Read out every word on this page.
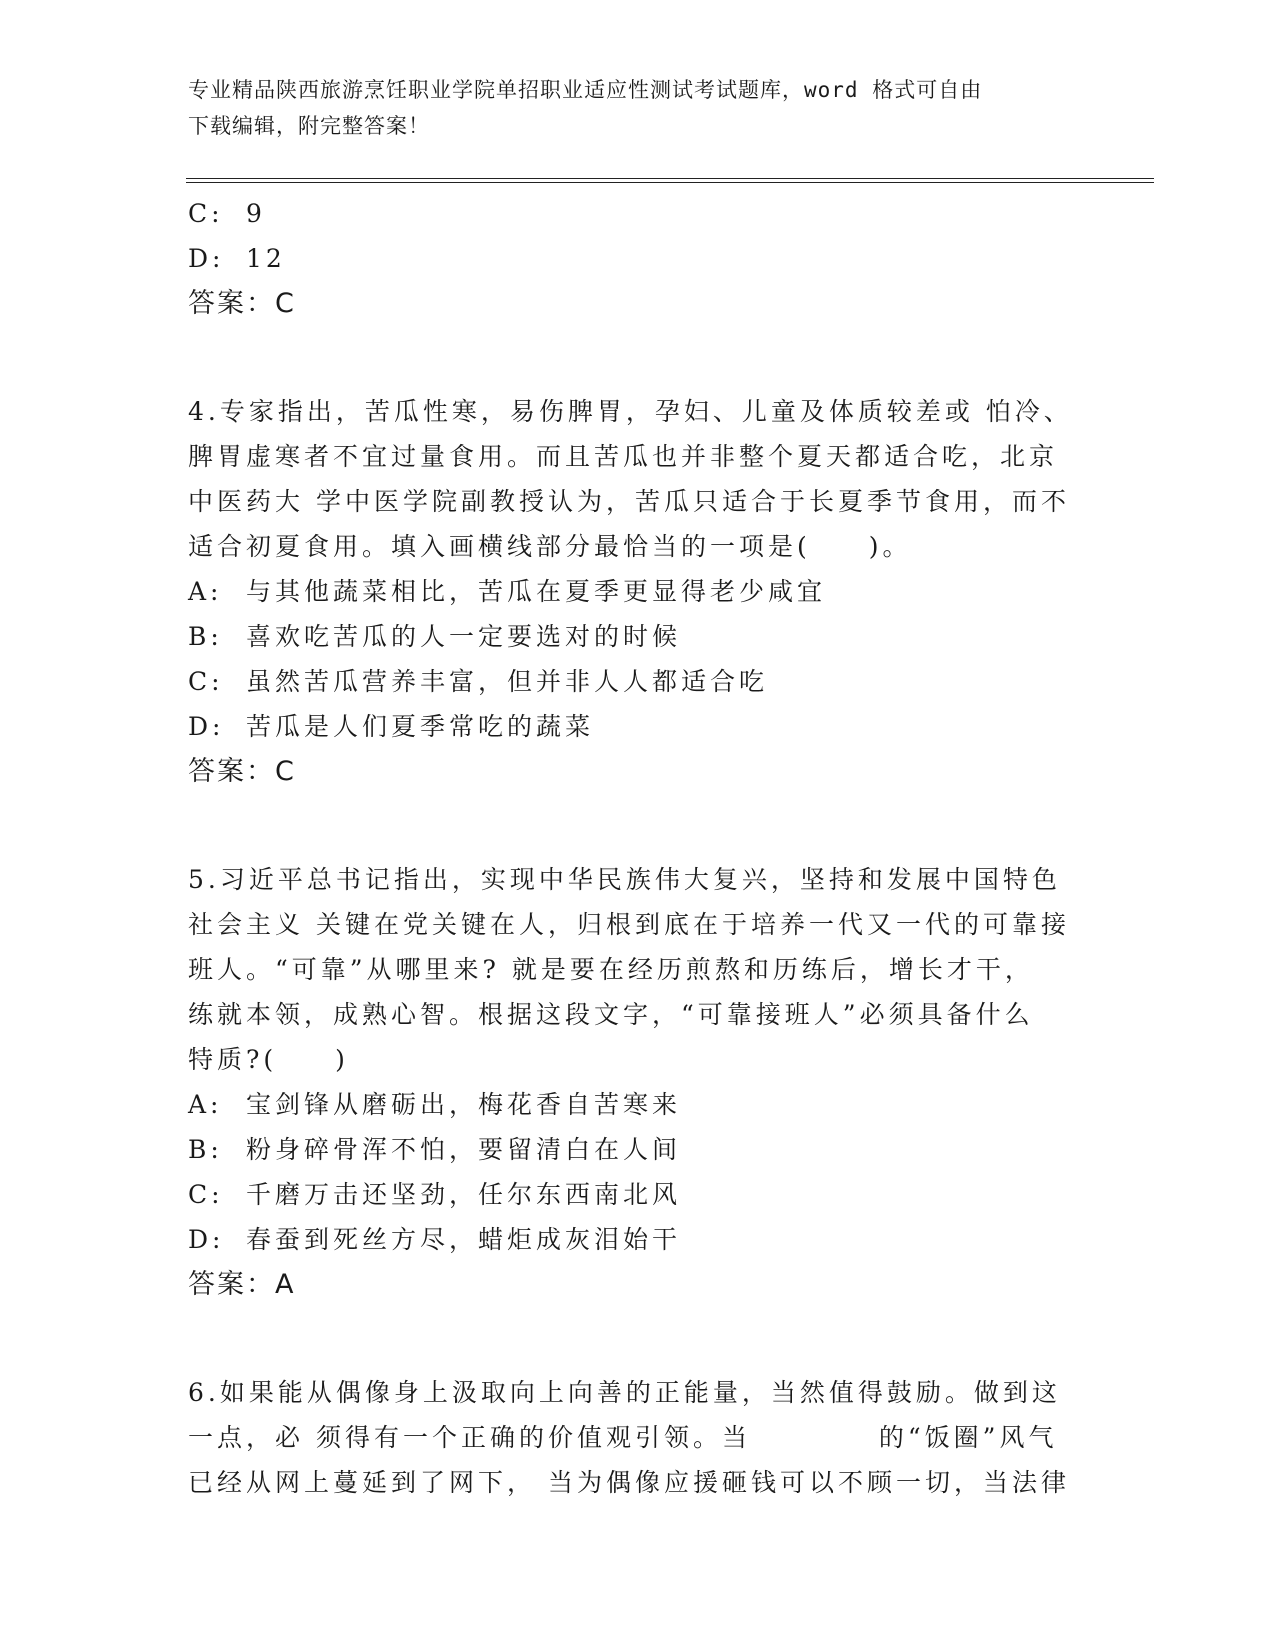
专业精品陕西旅游烹饪职业学院单招职业适应性测试考试题库，word 格式可自由
下载编辑，附完整答案！
C: 9
D: 12
答案：C
4.专家指出，苦瓜性寒，易伤脾胃，孕妇、儿童及体质较差或 怕冷、
脾胃虚寒者不宜过量食用。而且苦瓜也并非整个夏天都适合吃，北京
中医药大 学中医学院副教授认为，苦瓜只适合于长夏季节食用，而不
适合初夏食用。填入画横线部分最恰当的一项是(　　)。
A: 与其他蔬菜相比，苦瓜在夏季更显得老少咸宜
B: 喜欢吃苦瓜的人一定要选对的时候
C: 虽然苦瓜营养丰富，但并非人人都适合吃
D: 苦瓜是人们夏季常吃的蔬菜
答案：C
5.习近平总书记指出，实现中华民族伟大复兴，坚持和发展中国特色
社会主义 关键在党关键在人，归根到底在于培养一代又一代的可靠接
班人。“可靠”从哪里来? 就是要在经历煎熬和历练后，增长才干，
练就本领，成熟心智。根据这段文字，“可靠接班人”必须具备什么
特质?(　　)
A: 宝剑锋从磨砺出，梅花香自苦寒来
B: 粉身碎骨浑不怕，要留清白在人间
C: 千磨万击还坚劲，任尔东西南北风
D: 春蚕到死丝方尽，蜡炬成灰泪始干
答案：A
6.如果能从偶像身上汲取向上向善的正能量，当然值得鼓励。做到这
一点，必 须得有一个正确的价值观引领。当　　　　 的“饭圈”风气
已经从网上蔓延到了网下， 当为偶像应援砸钱可以不顾一切，当法律
